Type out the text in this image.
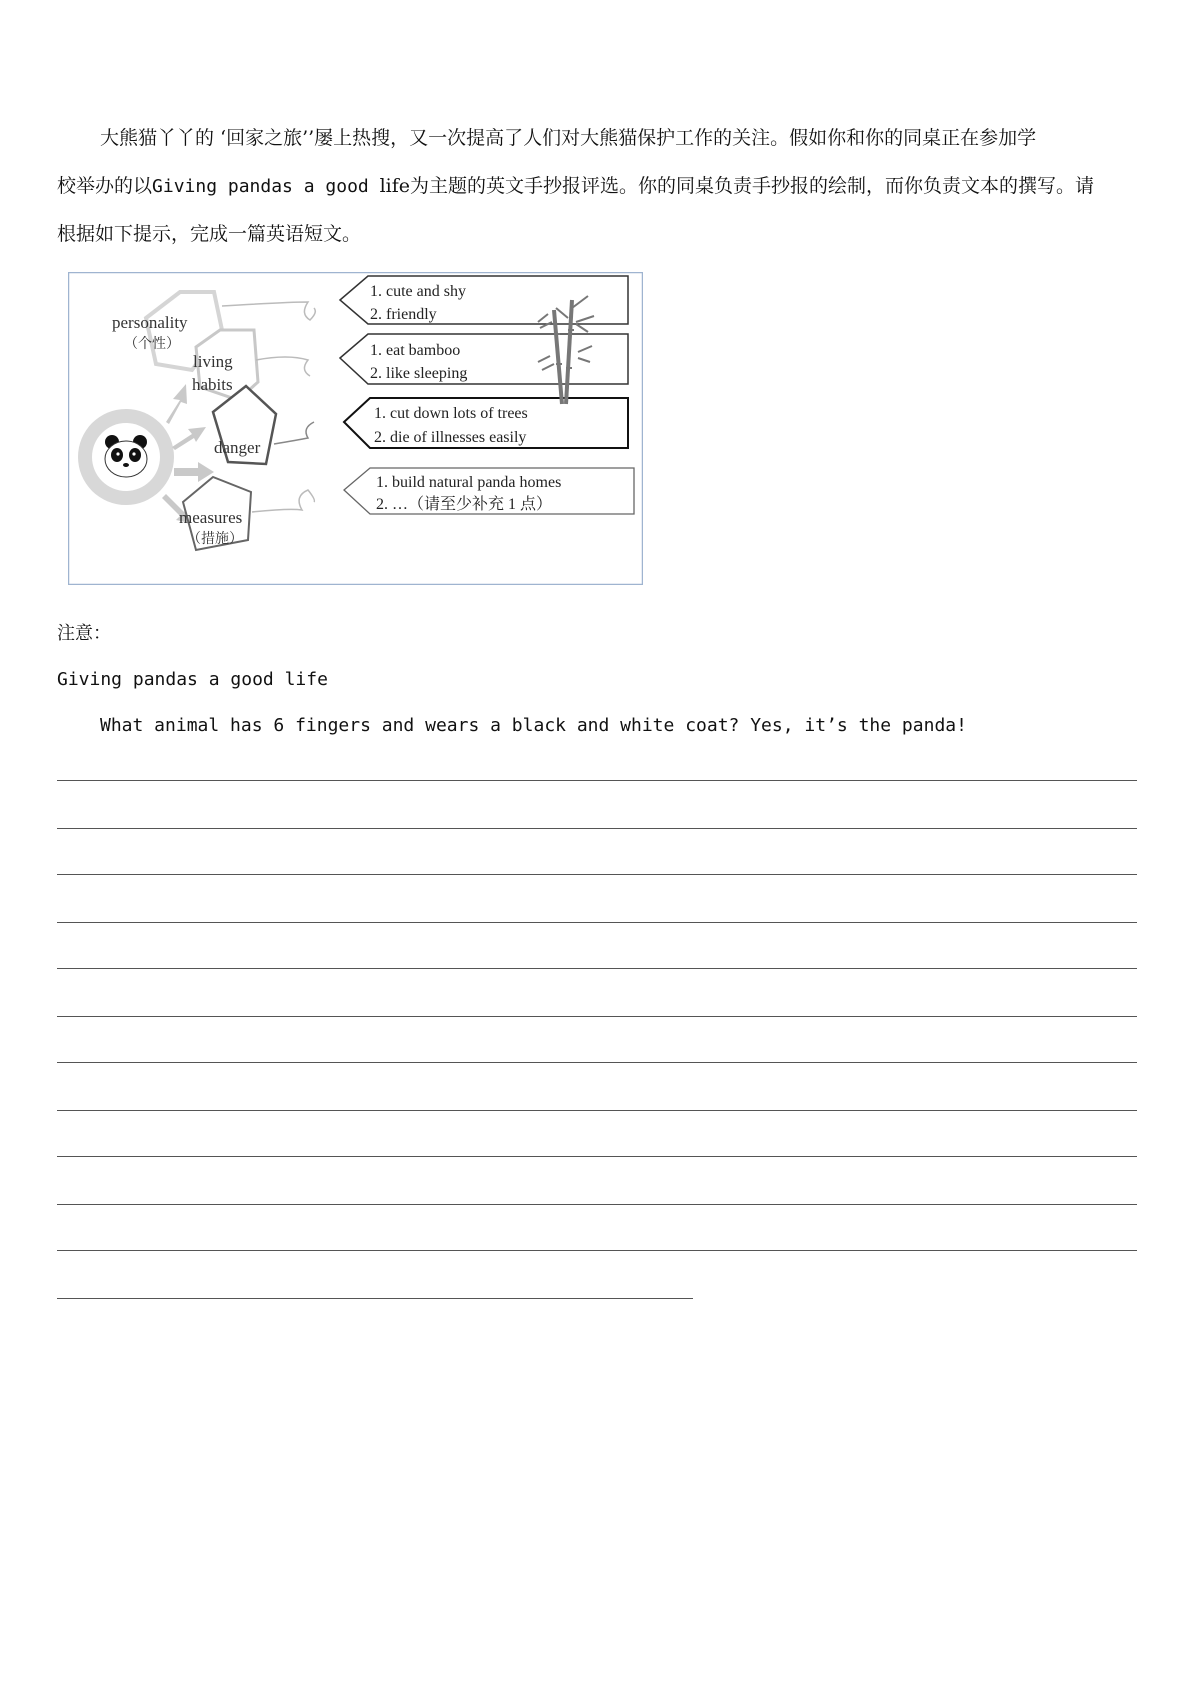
大熊猫丫丫的 ‘回家之旅’’屡上热搜，又一次提高了人们对大熊猫保护工作的关注。假如你和你的同桌正在参加学
校举办的以Giving pandas a good life为主题的英文手抄报评选。你的同桌负责手抄报的绘制，而你负责文本的撰写。请
根据如下提示，完成一篇英语短文。
personality
（个性）
living
habits
danger
measures
（措施）
1. cute and shy
2. friendly
1. eat bamboo
2. like sleeping
1. cut down lots of trees
2. die of illnesses easily
1. build natural panda homes
2. …（请至少补充 1 点）
注意：
Giving pandas a good life
What animal has 6 fingers and wears a black and white coat? Yes, it’s the panda!
